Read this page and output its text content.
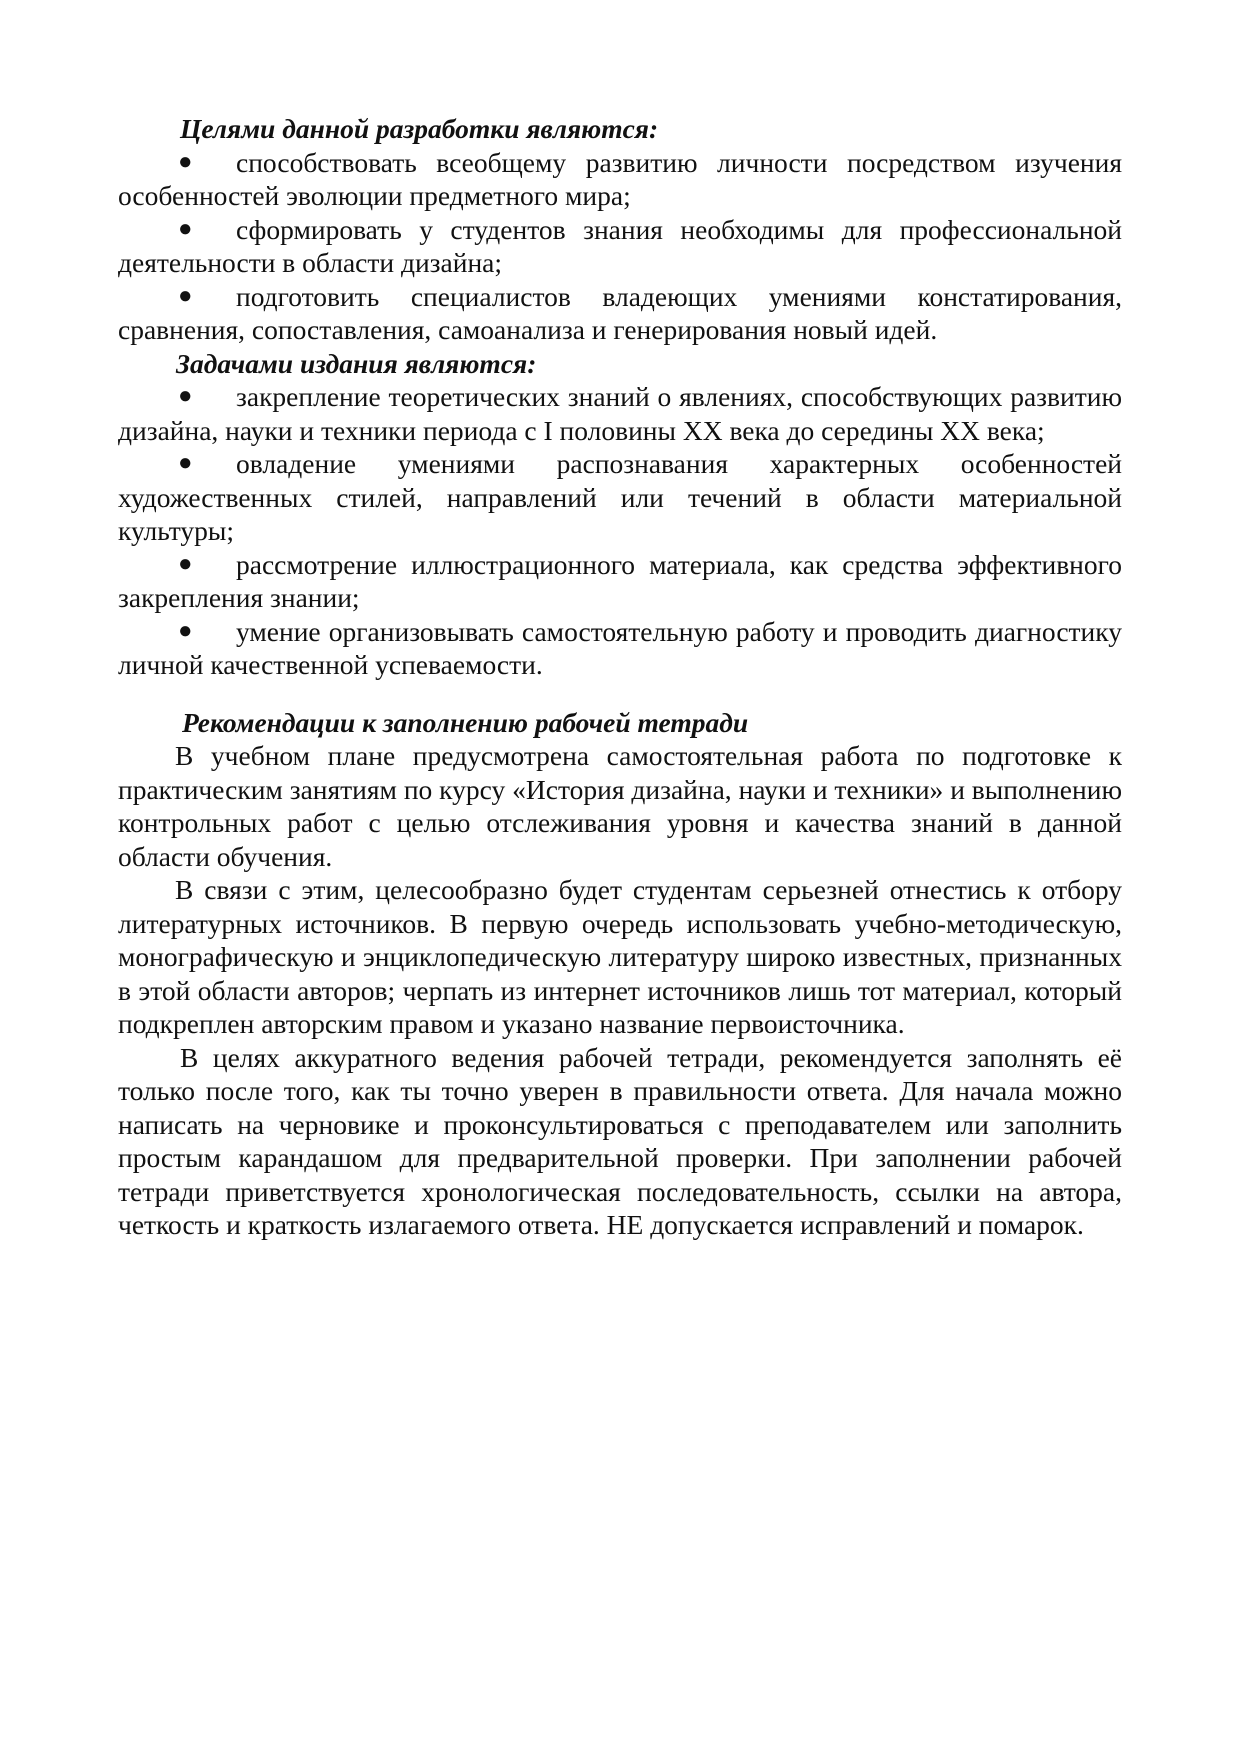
Целями данной разработки являются:

● способствовать всеобщему развитию личности посредством изучения особенностей эволюции предметного мира;
● сформировать у студентов знания необходимы для профессиональной деятельности в области дизайна;
● подготовить специалистов владеющих умениями констатирования, сравнения, сопоставления, самоанализа и генерирования новый идей.

Задачами издания являются:

● закрепление теоретических знаний о явлениях, способствующих развитию дизайна, науки и техники периода с I половины XX века до середины XX века;
● овладение умениями распознавания характерных особенностей художественных стилей, направлений или течений в области материальной культуры;
● рассмотрение иллюстрационного материала, как средства эффективного закрепления знании;
● умение организовывать самостоятельную работу и проводить диагностику личной качественной успеваемости.

Рекомендации к заполнению рабочей тетради

В учебном плане предусмотрена самостоятельная работа по подготовке к практическим занятиям по курсу «История дизайна, науки и техники» и выполнению контрольных работ с целью отслеживания уровня и качества знаний в данной области обучения.

В связи с этим, целесообразно будет студентам серьезней отнестись к отбору литературных источников. В первую очередь использовать учебно-методическую, монографическую и энциклопедическую литературу широко известных, признанных в этой области авторов; черпать из интернет источников лишь тот материал, который подкреплен авторским правом и указано название первоисточника.

В целях аккуратного ведения рабочей тетради, рекомендуется заполнять её только после того, как ты точно уверен в правильности ответа. Для начала можно написать на черновике и проконсультироваться с преподавателем или заполнить простым карандашом для предварительной проверки. При заполнении рабочей тетради приветствуется хронологическая последовательность, ссылки на автора, четкость и краткость излагаемого ответа. НЕ допускается исправлений и помарок.
